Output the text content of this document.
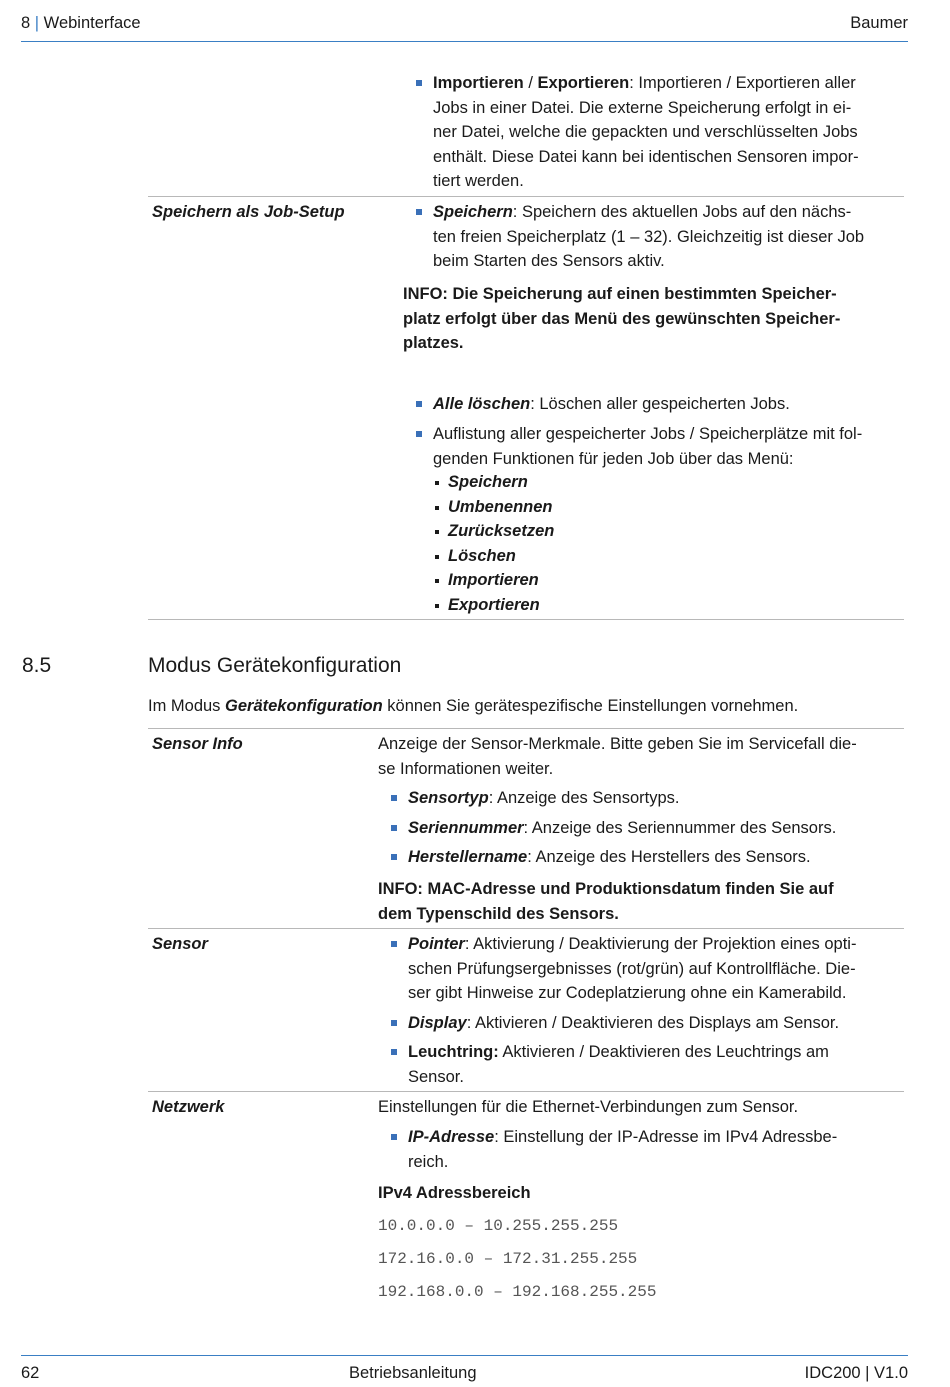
8 | Webinterface	Baumer
Importieren / Exportieren: Importieren / Exportieren aller
Jobs in einer Datei. Die externe Speicherung erfolgt in ei-
ner Datei, welche die gepackten und verschlüsselten Jobs
enthält. Diese Datei kann bei identischen Sensoren impor-
tiert werden.
Speichern als Job-Setup	Speichern: Speichern des aktuellen Jobs auf den nächs-
ten freien Speicherplatz (1 – 32). Gleichzeitig ist dieser Job
beim Starten des Sensors aktiv.
INFO: Die Speicherung auf einen bestimmten Speicher-
platz erfolgt über das Menü des gewünschten Speicher-
platzes.
Alle löschen: Löschen aller gespeicherten Jobs.
Auflistung aller gespeicherter Jobs / Speicherplätze mit fol-
genden Funktionen für jeden Job über das Menü:
Speichern
Umbenennen
Zurücksetzen
Löschen
Importieren
Exportieren
8.5	Modus Gerätekonfiguration
Im Modus Gerätekonfiguration können Sie gerätespezifische Einstellungen vornehmen.
Sensor Info	Anzeige der Sensor-Merkmale. Bitte geben Sie im Servicefall die-
se Informationen weiter.
Sensortyp: Anzeige des Sensortyps.
Seriennummer: Anzeige des Seriennummer des Sensors.
Herstellername: Anzeige des Herstellers des Sensors.
INFO: MAC-Adresse und Produktionsdatum finden Sie auf
dem Typenschild des Sensors.
Sensor	Pointer: Aktivierung / Deaktivierung der Projektion eines opti-
schen Prüfungsergebnisses (rot/grün) auf Kontrollfläche. Die-
ser gibt Hinweise zur Codeplatzierung ohne ein Kamerabild.
Display: Aktivieren / Deaktivieren des Displays am Sensor.
Leuchtring: Aktivieren / Deaktivieren des Leuchtrings am
Sensor.
Netzwerk	Einstellungen für die Ethernet-Verbindungen zum Sensor.
IP-Adresse: Einstellung der IP-Adresse im IPv4 Adressbe-
reich.
IPv4 Adressbereich
10.0.0.0 – 10.255.255.255
172.16.0.0 – 172.31.255.255
192.168.0.0 – 192.168.255.255
62	Betriebsanleitung	IDC200 | V1.0
